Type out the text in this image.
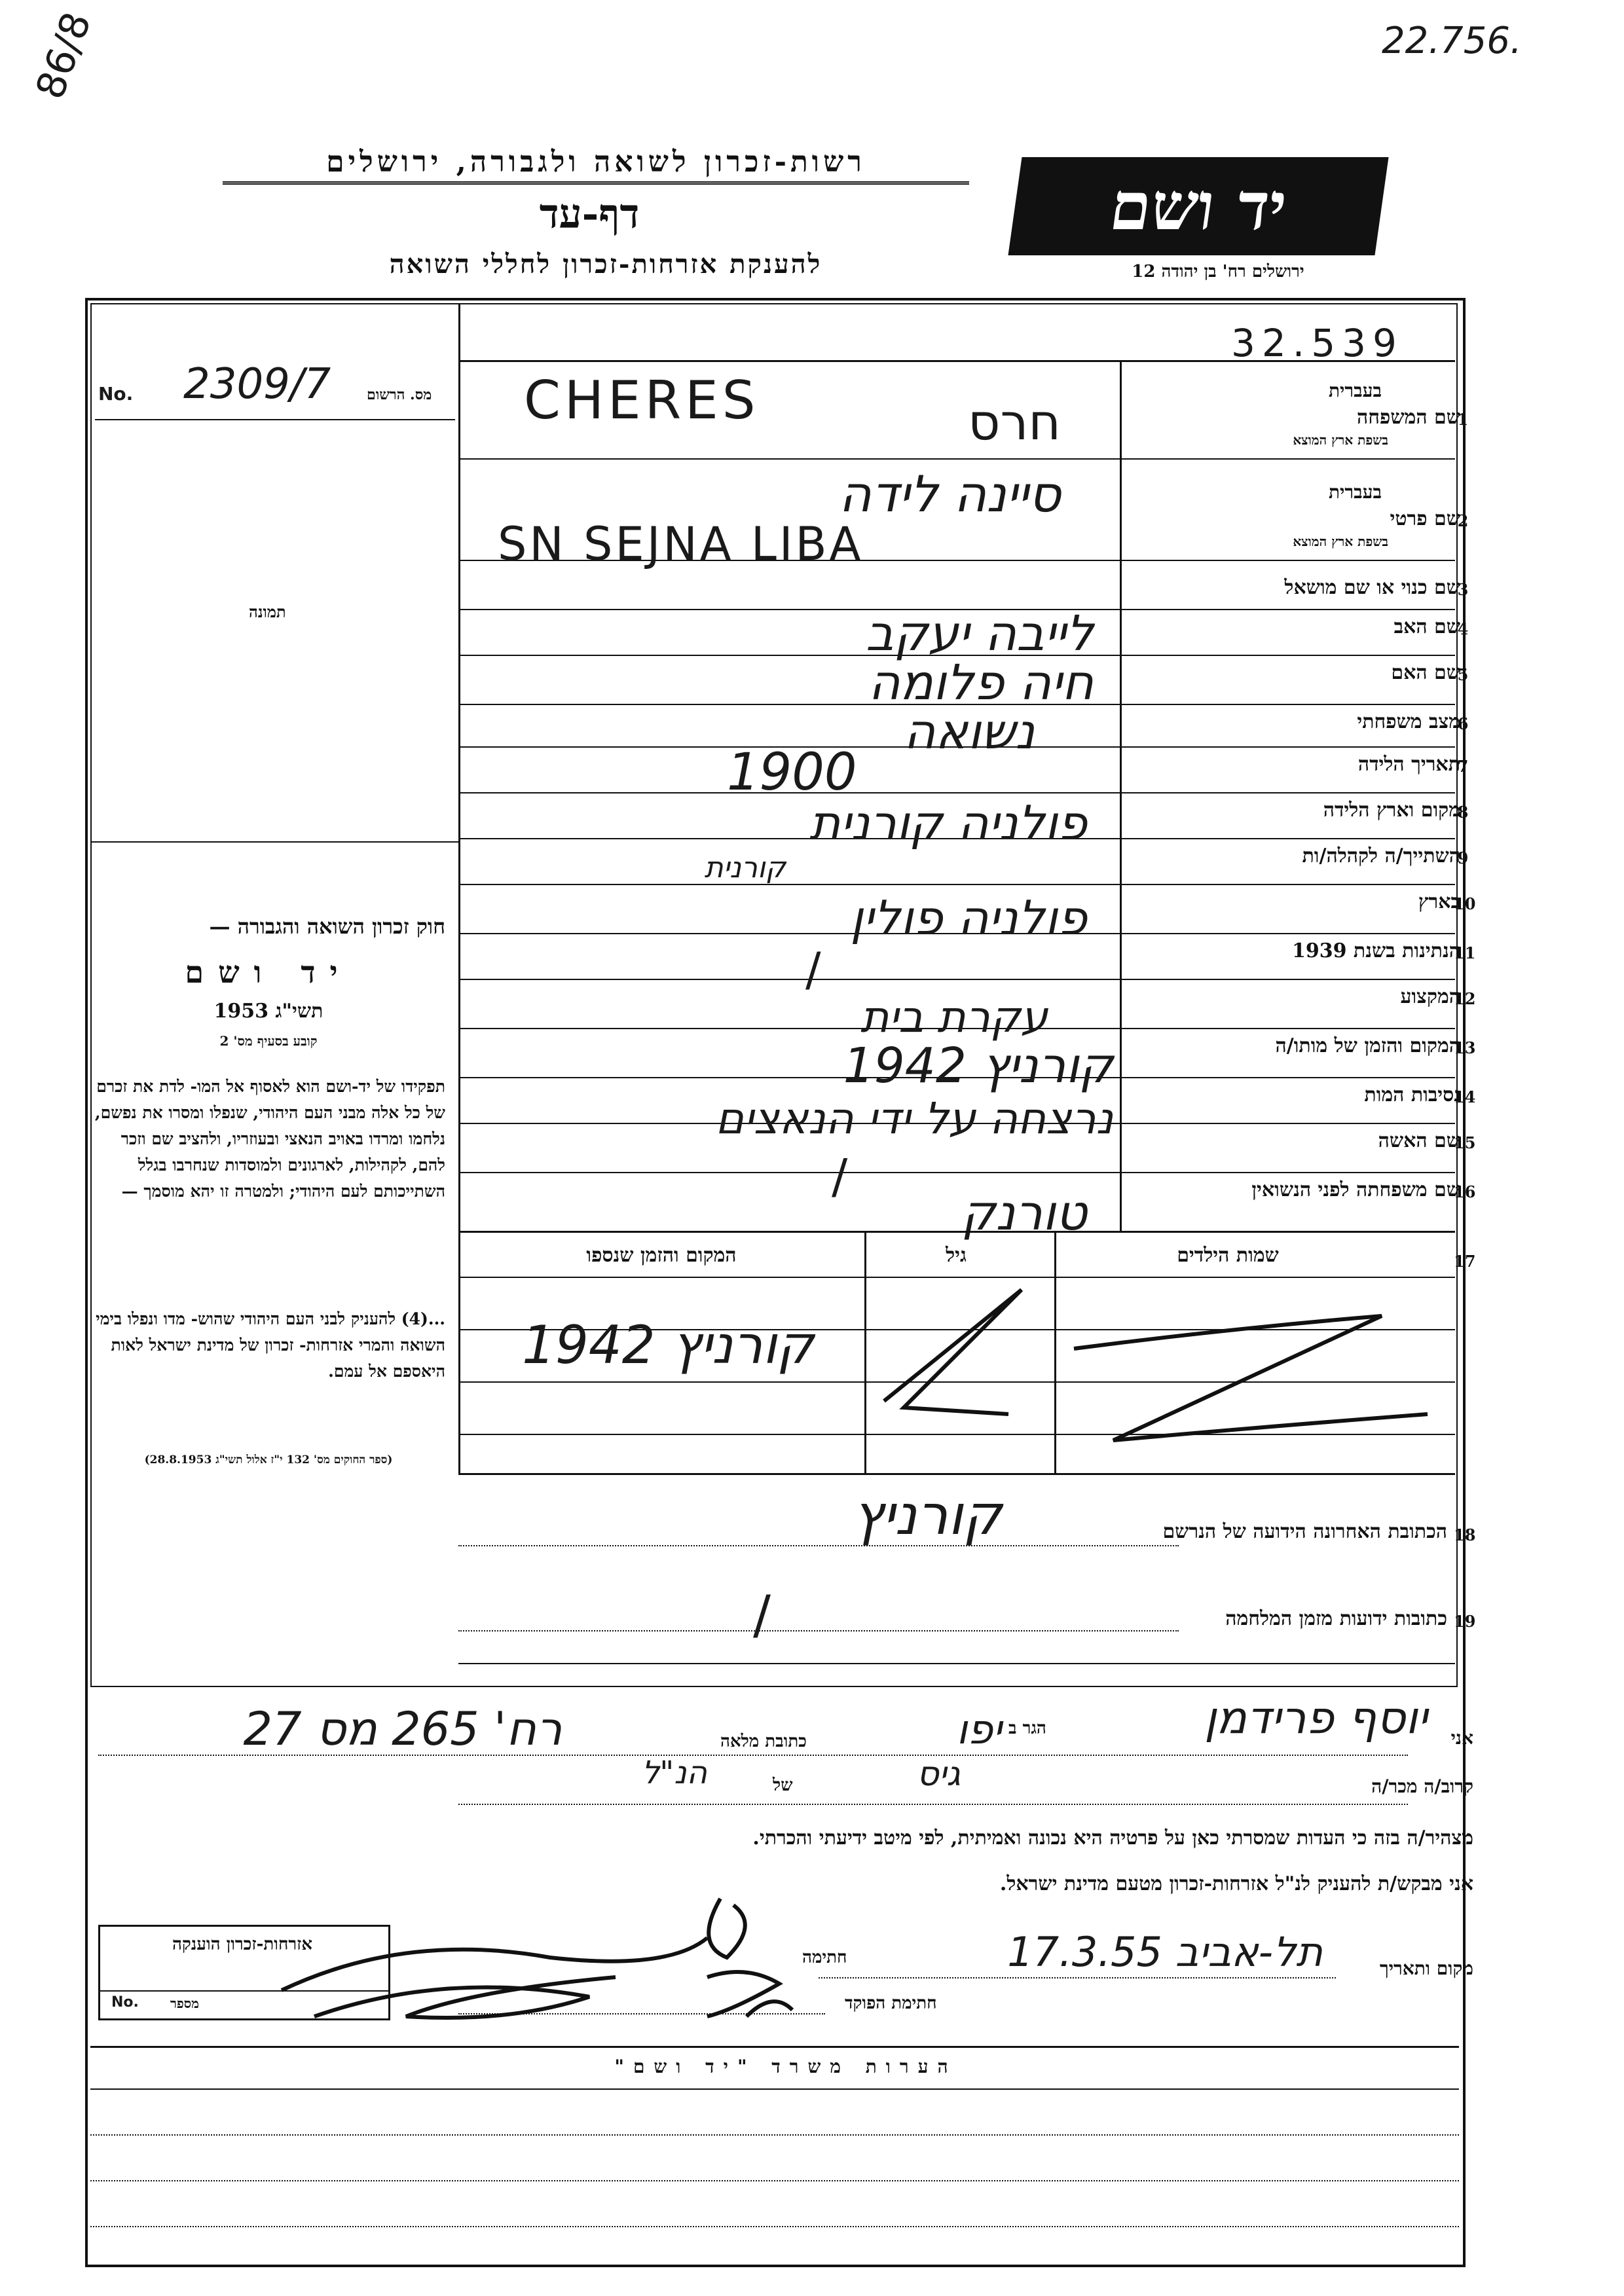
86/8	22.756.
רשות-זכרון לשואה ולגבורה, ירושלים
דף-עד
להענקת אזרחות-זכרון לחללי השואה
יד ושם
ירושלים רח' בן יהודה 12
32.539
No. 2309/7 מס. הרשום
תמונה
חוק זכרון השואה והגבורה —
יד ושם
תשי"ג 1953
קובע בסעיף מס' 2
תפקידו של יד-ושם הוא לאסוף אל המו- לדת את זכרם של כל אלה מבני העם היהודי, שנפלו ומסרו את נפשם, נלחמו ומרדו באויב הנאצי ובעוזריו, ולהציב שם וזכר להם, לקהילות, לארגונים ולמוסדות שנחרבו בגלל השתייכותם לעם היהודי; ולמטרה זו יהא מוסמך —
...(4) להעניק לבני העם היהודי שהוש- מדו ונפלו בימי השואה והמרי אזרחות- זכרון של מדינת ישראל לאות היאספם אל עמם.
(ספר החוקים מס' 132 י"ז אלול תשי"ג 28.8.1953)
שם המשפחה
1
שם פרטי
2
שם כנוי או שם מושאל
3
שם האב
4
שם האם
5
מצב משפחתי
6
תאריך הלידה
7
מקום וארץ הלידה
8
השתייך/ה לקהלה/ות
9
בארץ
10
הנתינות בשנת 1939
11
המקצוע
12
המקום והזמן של מותו/ה
13
נסיבות המות
14
שם האשה
15
שם משפחתה לפני הנשואין
16
בעברית
בשפת ארץ המוצא
בעברית
בשפת ארץ המוצא
CHERES	חרס
סיינה לידה
SN SEJNA LIBA
לייבה יעקב
חיה פלומה
נשואה
1900
פולניה קורנית
קורנית
פולניה פולין
/
עקרת בית
קורניץ 1942
נרצחה על ידי הנאצים
/
טורנק
17
שמות הילדים
גיל
המקום והזמן שנספו
קורניץ 1942
18
הכתובת האחרונה הידועה של הנרשם
קורניץ
19
כתובות ידועות מזמן המלחמה
/
אני
יוסף פרידמן
הגר ב
יפו
כתובת מלאה
רח' 265 מס 27
קרוב/ה מכר/ה
גיס
של
הנ"ל
מצהיר/ה בזה כי העדות שמסרתי כאן על פרטיה היא נכונה ואמיתית, לפי מיטב ידיעתי והכרתי.
אני מבקש/ת להעניק לנ"ל אזרחות-זכרון מטעם מדינת ישראל.
מקום ותאריך
תל-אביב 17.3.55
חתימה
חתימת הפוקד
אזרחות-זכרון הוענקה
No. מספר
הערות משרד "יד ושם"
